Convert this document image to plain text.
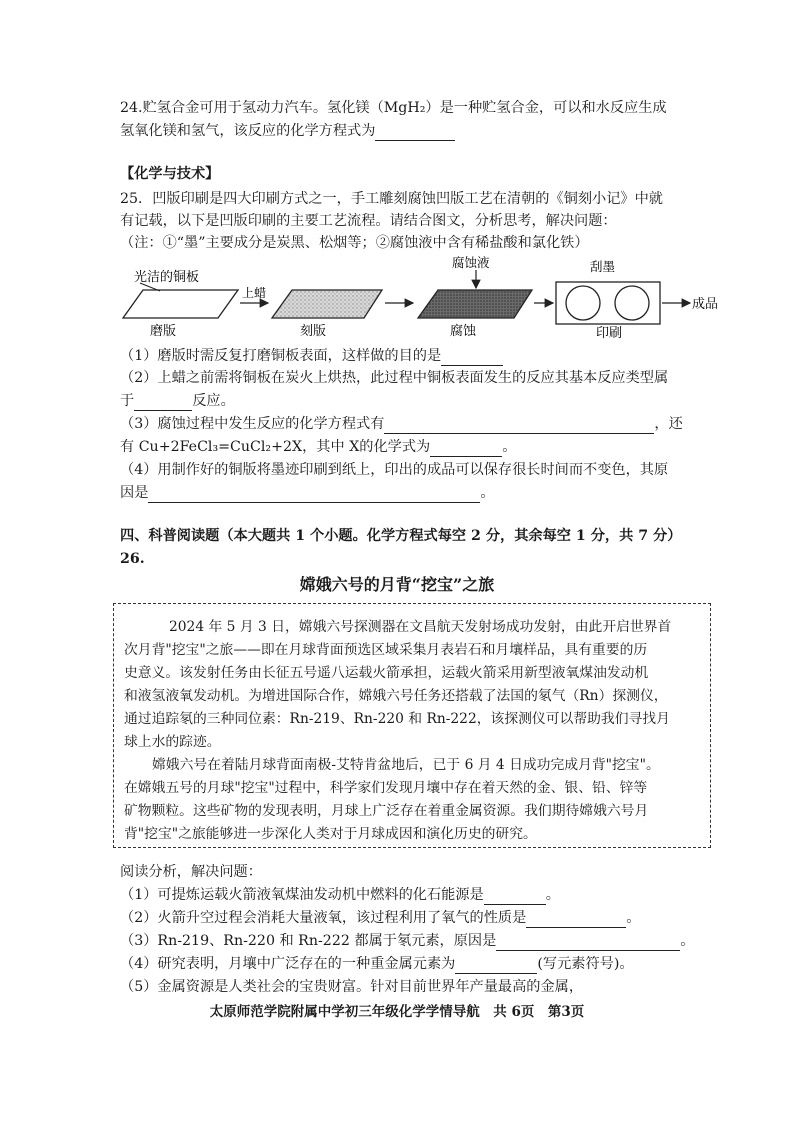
24.贮氢合金可用于氢动力汽车。氢化镁（MgH₂）是一种贮氢合金，可以和水反应生成
氢氧化镁和氢气，该反应的化学方程式为
【化学与技术】
25．凹版印刷是四大印刷方式之一，手工雕刻腐蚀凹版工艺在清朝的《铜刻小记》中就
有记载，以下是凹版印刷的主要工艺流程。请结合图文，分析思考，解决问题：
（注：①“墨”主要成分是炭黑、松烟等；②腐蚀液中含有稀盐酸和氯化铁）
光洁的铜板
磨版
上蜡
刻版
腐蚀液
腐蚀
刮墨
印刷
成品
（1）磨版时需反复打磨铜板表面，这样做的目的是
（2）上蜡之前需将铜板在炭火上烘热，此过程中铜板表面发生的反应其基本反应类型属
于	反应。
（3）腐蚀过程中发生反应的化学方程式有	，还
有 Cu+2FeCl₃=CuCl₂+2X，其中 X的化学式为	。
（4）用制作好的铜版将墨迹印刷到纸上，印出的成品可以保存很长时间而不变色，其原
因是	。
四、科普阅读题（本大题共 1 个小题。化学方程式每空 2 分，其余每空 1 分，共 7 分）
26.
嫦娥六号的月背“挖宝”之旅
2024 年 5 月 3 日，嫦娥六号探测器在文昌航天发射场成功发射，由此开启世界首
次月背"挖宝"之旅——即在月球背面预选区域采集月表岩石和月壤样品，具有重要的历
史意义。该发射任务由长征五号遥八运载火箭承担，运载火箭采用新型液氧煤油发动机
和液氢液氧发动机。为增进国际合作，嫦娥六号任务还搭载了法国的氡气（Rn）探测仪，
通过追踪氡的三种同位素：Rn-219、Rn-220 和 Rn-222，该探测仪可以帮助我们寻找月
球上水的踪迹。
嫦娥六号在着陆月球背面南极-艾特肯盆地后，已于 6 月 4 日成功完成月背"挖宝"。
在嫦娥五号的月球"挖宝"过程中，科学家们发现月壤中存在着天然的金、银、铅、锌等
矿物颗粒。这些矿物的发现表明，月球上广泛存在着重金属资源。我们期待嫦娥六号月
背"挖宝"之旅能够进一步深化人类对于月球成因和演化历史的研究。
阅读分析，解决问题：
（1）可提炼运载火箭液氧煤油发动机中燃料的化石能源是	。
（2）火箭升空过程会消耗大量液氧，该过程利用了氧气的性质是	。
（3）Rn-219、Rn-220 和 Rn-222 都属于氡元素，原因是	。
（4）研究表明，月壤中广泛存在的一种重金属元素为	(写元素符号)。
（5）金属资源是人类社会的宝贵财富。针对目前世界年产量最高的金属，
太原师范学院附属中学初三年级化学学情导航　共 6页　第3页
